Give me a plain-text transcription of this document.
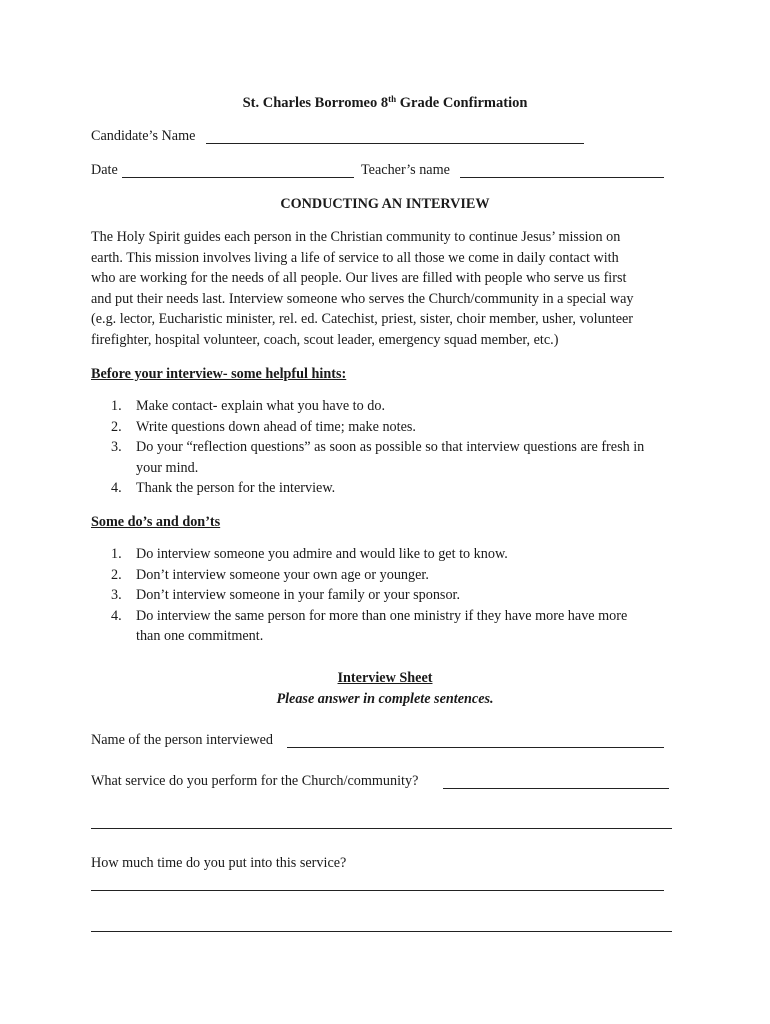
St. Charles Borromeo 8th Grade Confirmation
Candidate’s Name
Date	Teacher’s name
CONDUCTING AN INTERVIEW
The Holy Spirit guides each person in the Christian community to continue Jesus’ mission on
earth. This mission involves living a life of service to all those we come in daily contact with
who are working for the needs of all people. Our lives are filled with people who serve us first
and put their needs last. Interview someone who serves the Church/community in a special way
(e.g. lector, Eucharistic minister, rel. ed. Catechist, priest, sister, choir member, usher, volunteer
firefighter, hospital volunteer, coach, scout leader, emergency squad member, etc.)
Before your interview- some helpful hints:
1. Make contact- explain what you have to do.
2. Write questions down ahead of time; make notes.
3. Do your “reflection questions” as soon as possible so that interview questions are fresh in
your mind.
4. Thank the person for the interview.
Some do’s and don’ts
1. Do interview someone you admire and would like to get to know.
2. Don’t interview someone your own age or younger.
3. Don’t interview someone in your family or your sponsor.
4. Do interview the same person for more than one ministry if they have more have more
than one commitment.
Interview Sheet
Please answer in complete sentences.
Name of the person interviewed
What service do you perform for the Church/community?
How much time do you put into this service?
